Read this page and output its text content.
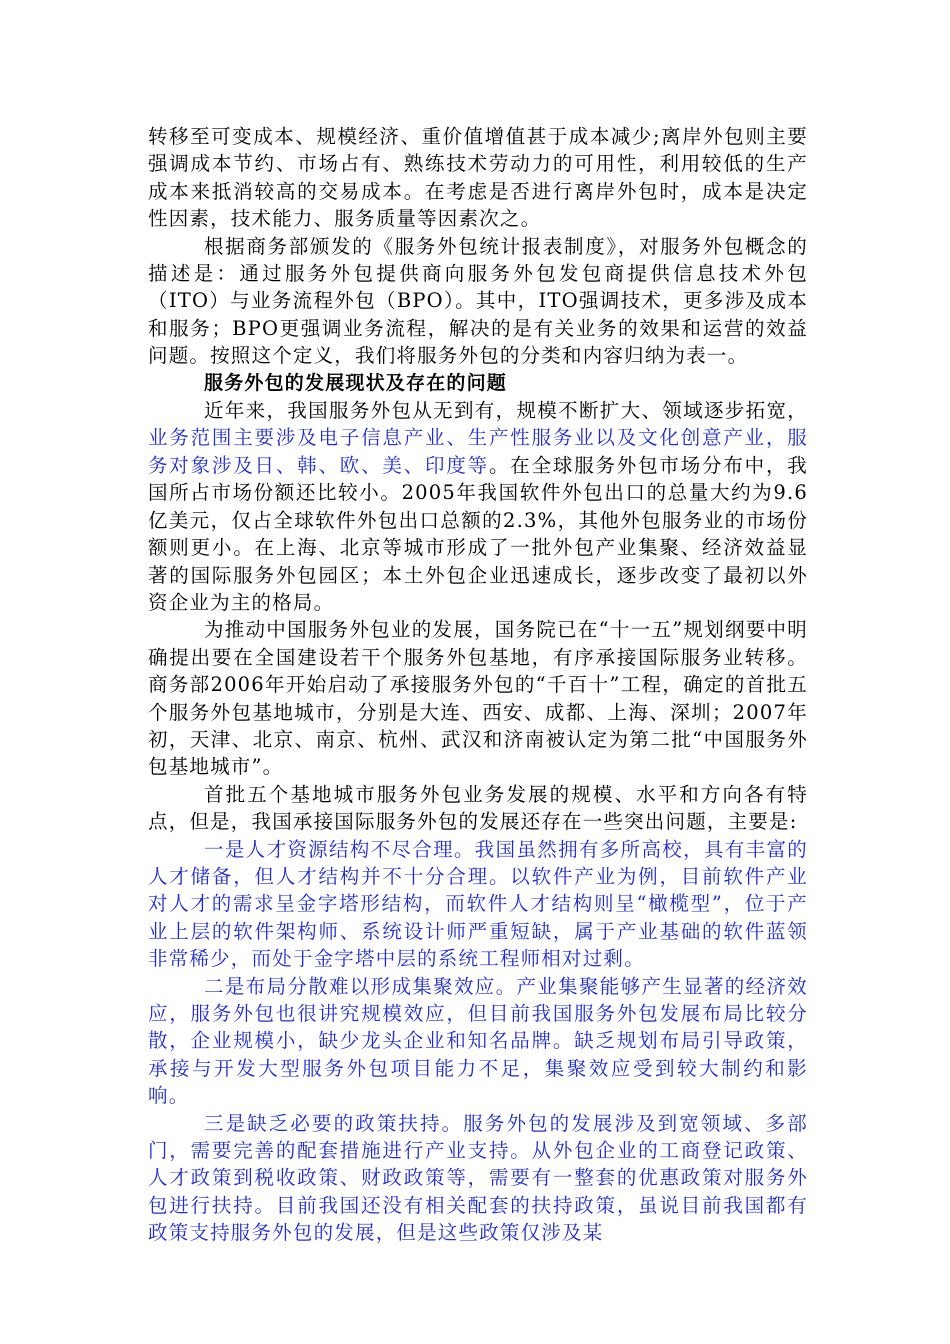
转移至可变成本、规模经济、重价值增值甚于成本减少;离岸外包则主要强调成本节约、市场占有、熟练技术劳动力的可用性，利用较低的生产成本来抵消较高的交易成本。在考虑是否进行离岸外包时，成本是决定性因素，技术能力、服务质量等因素次之。

根据商务部颁发的《服务外包统计报表制度》，对服务外包概念的描述是：通过服务外包提供商向服务外包发包商提供信息技术外包（ITO）与业务流程外包（BPO）。其中，ITO强调技术，更多涉及成本和服务；BPO更强调业务流程，解决的是有关业务的效果和运营的效益问题。按照这个定义，我们将服务外包的分类和内容归纳为表一。

服务外包的发展现状及存在的问题

近年来，我国服务外包从无到有，规模不断扩大、领域逐步拓宽，业务范围主要涉及电子信息产业、生产性服务业以及文化创意产业，服务对象涉及日、韩、欧、美、印度等。在全球服务外包市场分布中，我国所占市场份额还比较小。2005年我国软件外包出口的总量大约为9.6亿美元，仅占全球软件外包出口总额的2.3%，其他外包服务业的市场份额则更小。在上海、北京等城市形成了一批外包产业集聚、经济效益显著的国际服务外包园区；本土外包企业迅速成长，逐步改变了最初以外资企业为主的格局。

为推动中国服务外包业的发展，国务院已在“十一五”规划纲要中明确提出要在全国建设若干个服务外包基地，有序承接国际服务业转移。商务部2006年开始启动了承接服务外包的“千百十”工程，确定的首批五个服务外包基地城市，分别是大连、西安、成都、上海、深圳；2007年初，天津、北京、南京、杭州、武汉和济南被认定为第二批“中国服务外包基地城市”。

首批五个基地城市服务外包业务发展的规模、水平和方向各有特点，但是，我国承接国际服务外包的发展还存在一些突出问题，主要是:

一是人才资源结构不尽合理。我国虽然拥有多所高校，具有丰富的人才储备，但人才结构并不十分合理。以软件产业为例，目前软件产业对人才的需求呈金字塔形结构，而软件人才结构则呈“橄榄型”，位于产业上层的软件架构师、系统设计师严重短缺，属于产业基础的软件蓝领非常稀少，而处于金字塔中层的系统工程师相对过剩。

二是布局分散难以形成集聚效应。产业集聚能够产生显著的经济效应，服务外包也很讲究规模效应，但目前我国服务外包发展布局比较分散，企业规模小，缺少龙头企业和知名品牌。缺乏规划布局引导政策，承接与开发大型服务外包项目能力不足，集聚效应受到较大制约和影响。

三是缺乏必要的政策扶持。服务外包的发展涉及到宽领域、多部门，需要完善的配套措施进行产业支持。从外包企业的工商登记政策、人才政策到税收政策、财政政策等，需要有一整套的优惠政策对服务外包进行扶持。目前我国还没有相关配套的扶持政策，虽说目前我国都有政策支持服务外包的发展，但是这些政策仅涉及某
